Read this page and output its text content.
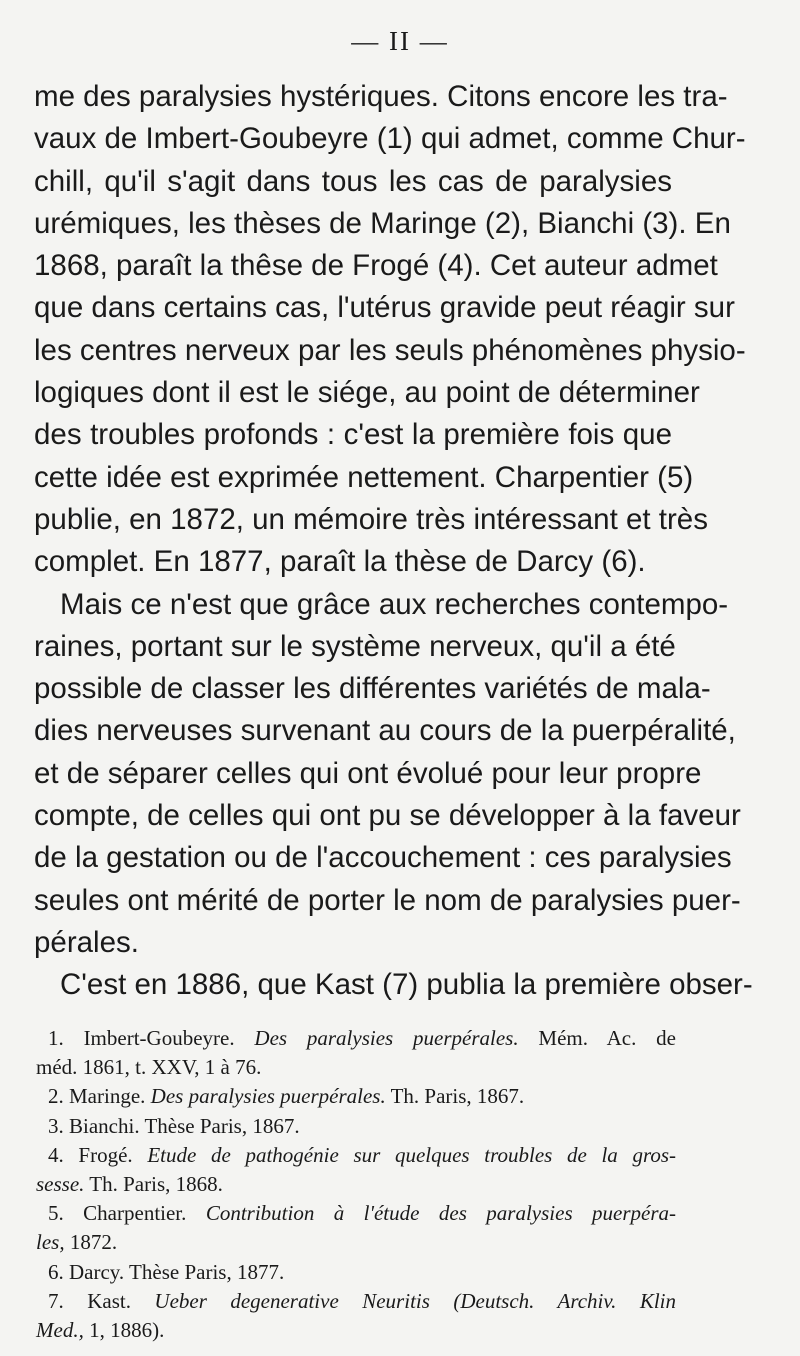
— II —

me des paralysies hystériques. Citons encore les tra-
vaux de Imbert-Goubeyre (1) qui admet, comme Chur-
chill, qu'il s'agit dans tous les cas de paralysies
urémiques, les thèses de Maringe (2), Bianchi (3). En
1868, paraît la thêse de Frogé (4). Cet auteur admet
que dans certains cas, l'utérus gravide peut réagir sur
les centres nerveux par les seuls phénomènes physio-
logiques dont il est le siége, au point de déterminer
des troubles profonds : c'est la première fois que
cette idée est exprimée nettement. Charpentier (5)
publie, en 1872, un mémoire très intéressant et très
complet. En 1877, paraît la thèse de Darcy (6).

Mais ce n'est que grâce aux recherches contempo-
raines, portant sur le système nerveux, qu'il a été
possible de classer les différentes variétés de mala-
dies nerveuses survenant au cours de la puerpéralité,
et de séparer celles qui ont évolué pour leur propre
compte, de celles qui ont pu se développer à la faveur
de la gestation ou de l'accouchement : ces paralysies
seules ont mérité de porter le nom de paralysies puer-
pérales.

C'est en 1886, que Kast (7) publia la première obser-

1. Imbert-Goubeyre. Des paralysies puerpérales. Mém. Ac. de
méd. 1861, t. XXV, 1 à 76.
2. Maringe. Des paralysies puerpérales. Th. Paris, 1867.
3. Bianchi. Thèse Paris, 1867.
4. Frogé. Etude de pathogénie sur quelques troubles de la gros-
sesse. Th. Paris, 1868.
5. Charpentier. Contribution à l'étude des paralysies puerpéra-
les, 1872.
6. Darcy. Thèse Paris, 1877.
7. Kast. Ueber degenerative Neuritis (Deutsch. Archiv. Klin
Med., 1, 1886).
